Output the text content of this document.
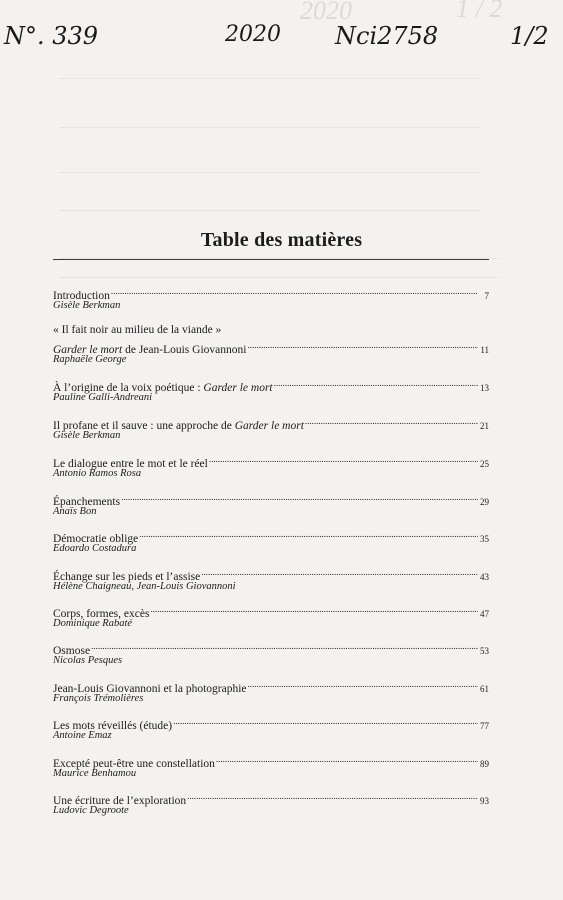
1 / 2
2020
N°. 339	2020 Nci2758	1/2
Table des matières
Introduction .....	7
Gisèle Berkman
« Il fait noir au milieu de la viande »
Garder le mort de Jean-Louis Giovannoni .....	11
Raphaële George
À l’origine de la voix poétique : Garder le mort .....	13
Pauline Galli-Andreani
Il profane et il sauve : une approche de Garder le mort .....	21
Gisèle Berkman
Le dialogue entre le mot et le réel .....	25
Antonio Ramos Rosa
Épanchements .....	29
Anaïs Bon
Démocratie oblige .....	35
Edoardo Costadura
Échange sur les pieds et l’assise .....	43
Hélène Chaigneau, Jean-Louis Giovannoni
Corps, formes, excès .....	47
Dominique Rabaté
Osmose .....	53
Nicolas Pesques
Jean-Louis Giovannoni et la photographie .....	61
François Trémolières
Les mots réveillés (étude) .....	77
Antoine Emaz
Excepté peut-être une constellation .....	89
Maurice Benhamou
Une écriture de l’exploration .....	93
Ludovic Degroote
